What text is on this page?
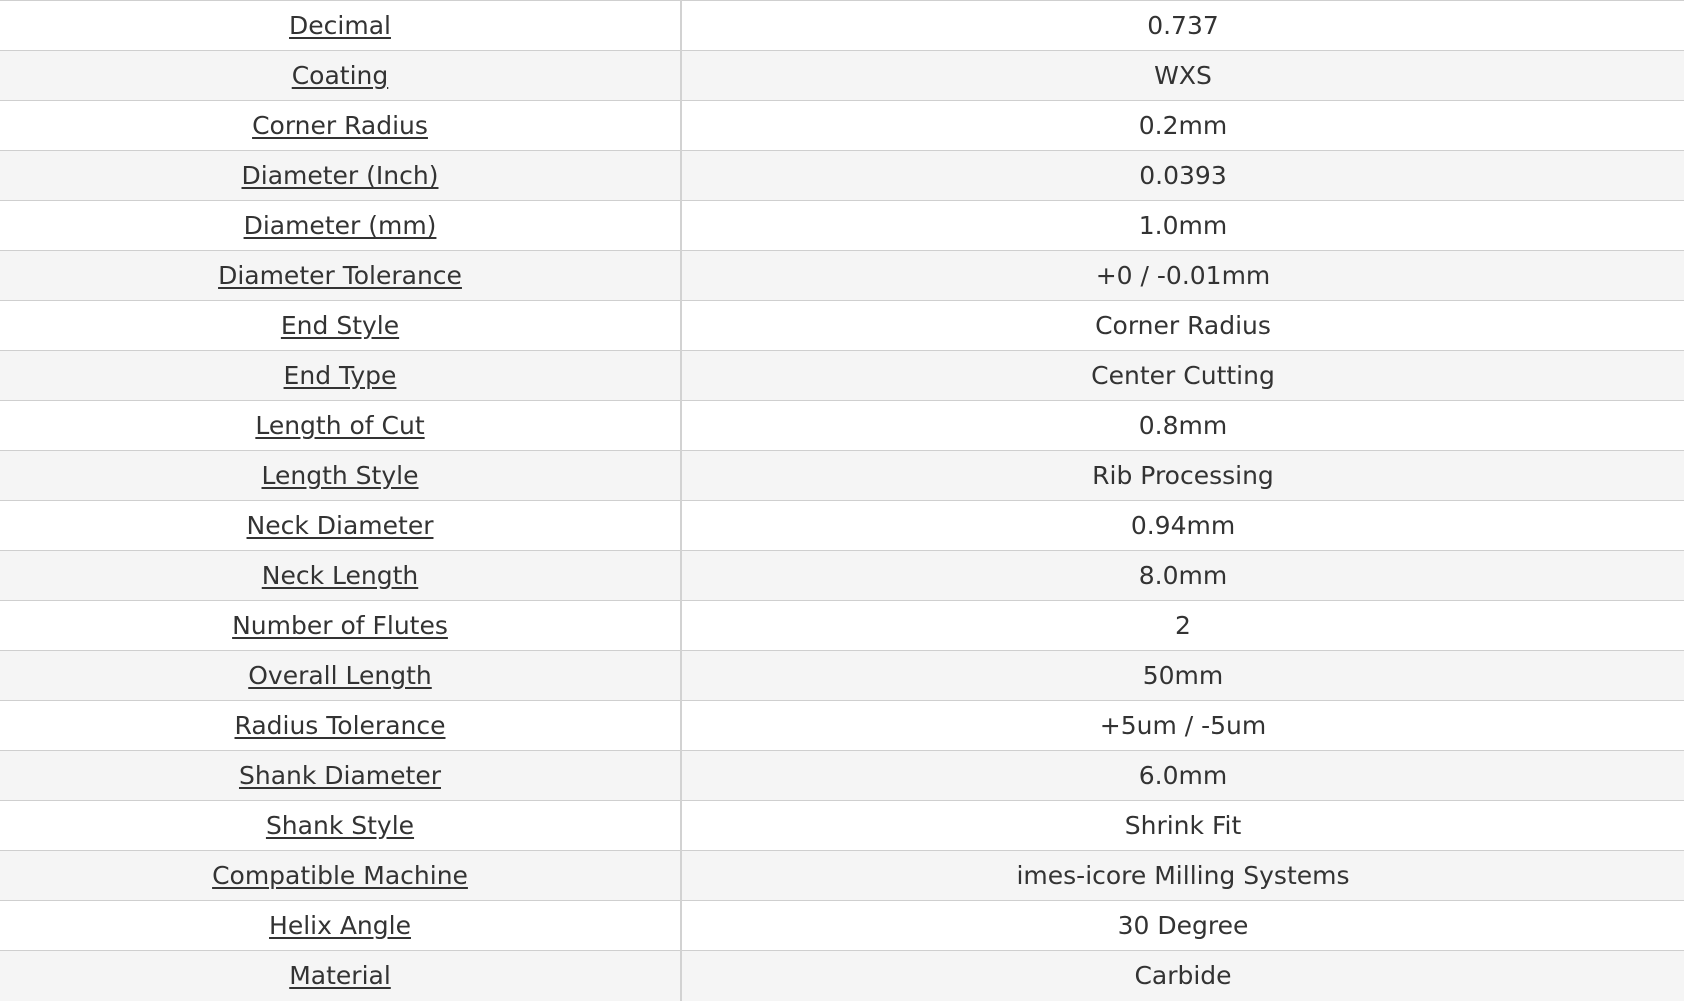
Decimal	0.737
Coating	WXS
Corner Radius	0.2mm
Diameter (Inch)	0.0393
Diameter (mm)	1.0mm
Diameter Tolerance	+0 / -0.01mm
End Style	Corner Radius
End Type	Center Cutting
Length of Cut	0.8mm
Length Style	Rib Processing
Neck Diameter	0.94mm
Neck Length	8.0mm
Number of Flutes	2
Overall Length	50mm
Radius Tolerance	+5um / -5um
Shank Diameter	6.0mm
Shank Style	Shrink Fit
Compatible Machine	imes-icore Milling Systems
Helix Angle	30 Degree
Material	Carbide
